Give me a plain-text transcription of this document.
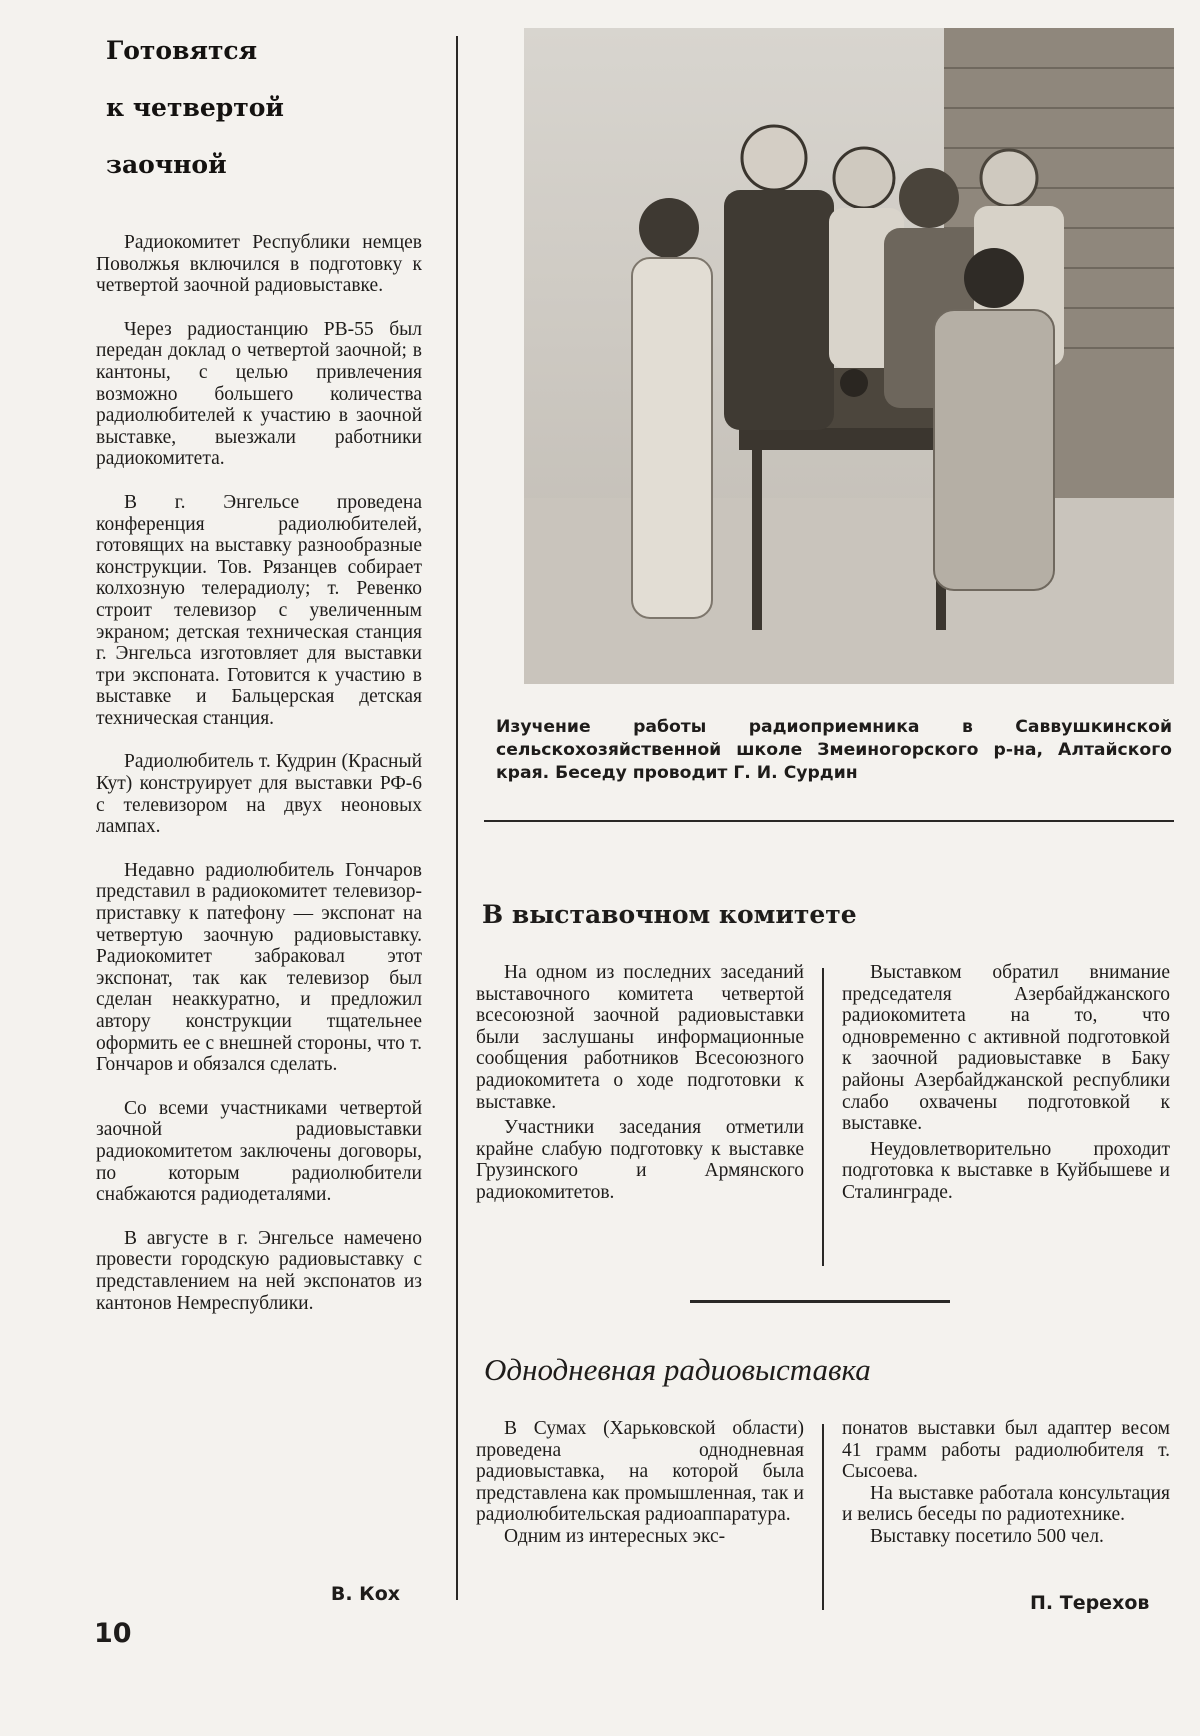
Готовятся
к четвертой
заочной

Радиокомитет Республики немцев Поволжья включился в подготовку к четвертой заочной радиовыставке.

Через радиостанцию РВ-55 был передан доклад о четвертой заочной; в кантоны, с целью привлечения возможно большего количества радиолюбителей к участию в заочной выставке, выезжали работники радиокомитета.

В г. Энгельсе проведена конференция радиолюбителей, готовящих на выставку разнообразные конструкции. Тов. Рязанцев собирает колхозную телерадиолу; т. Ревенко строит телевизор с увеличенным экраном; детская техническая станция г. Энгельса изготовляет для выставки три экспоната. Готовится к участию в выставке и Бальцерская детская техническая станция.

Радиолюбитель т. Кудрин (Красный Кут) конструирует для выставки РФ-6 с телевизором на двух неоновых лампах.

Недавно радиолюбитель Гончаров представил в радиокомитет телевизор-приставку к патефону — экспонат на четвертую заочную радиовыставку. Радиокомитет забраковал этот экспонат, так как телевизор был сделан неаккуратно, и предложил автору конструкции тщательнее оформить ее с внешней стороны, что т. Гончаров и обязался сделать.

Со всеми участниками четвертой заочной радиовыставки радиокомитетом заключены договоры, по которым радиолюбители снабжаются радиодеталями.

В августе в г. Энгельсе намечено провести городскую радиовыставку с представлением на ней экспонатов из кантонов Немреспублики.

В. Кох
10
Изучение работы радиоприемника в Саввушкинской сельскохозяйственной школе Змеиногорского р-на, Алтайского края. Беседу проводит Г. И. Сурдин
В выставочном комитете

На одном из последних заседаний выставочного комитета четвертой всесоюзной заочной радиовыставки были заслушаны информационные сообщения работников Всесоюзного радиокомитета о ходе подготовки к выставке.

Участники заседания отметили крайне слабую подготовку к выставке Грузинского и Армянского радиокомитетов.

Выставком обратил внимание председателя Азербайджанского радиокомитета на то, что одновременно с активной подготовкой к заочной радиовыставке в Баку районы Азербайджанской республики слабо охвачены подготовкой к выставке.

Неудовлетворительно проходит подготовка к выставке в Куйбышеве и Сталинграде.

Однодневная радиовыставка

В Сумах (Харьковской области) проведена однодневная радиовыставка, на которой была представлена как промышленная, так и радиолюбительская радиоаппаратура.

Одним из интересных экс-

понатов выставки был адаптер весом 41 грамм работы радиолюбителя т. Сысоева.

На выставке работала консультация и велись беседы по радиотехнике.

Выставку посетило 500 чел.

П. Терехов
